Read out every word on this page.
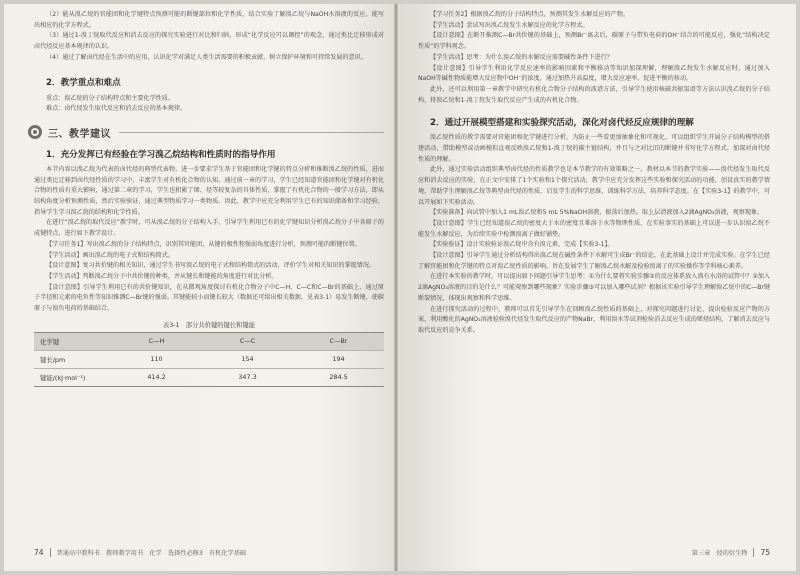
（2）能从溴乙烷的官能团和化学键特点预测可能的断键部位和化学性质，结合实验了解溴乙烷与NaOH水溶液的反应，能写出相应的化学方程式。

（3）通过1-溴丁烷取代反应和消去反应的探究实验进行对比和归纳，形成“化学反应可以调控”的观念，通过类比迁移形成对卤代烃反应基本规律的认识。

（4）通过了解卤代烃在生活中的应用，认识化学对满足人类生活需要的积极贡献，树立保护环境和可持续发展的意识。

2．教学重点和难点

重点：溴乙烷的分子结构特点和主要化学性质。

难点：卤代烃发生取代反应和消去反应的基本规律。

三、教学建议
1．充分发挥已有经验在学习溴乙烷结构和性质时的指导作用

本节内容以溴乙烷为代表的卤代烃的典型代表物，进一步要求学生基于官能团和化学键的特点分析和推断溴乙烷的性质，进而通过类比迁移到卤代烃性质的学习中，丰富学生对有机化合物的认知。通过前一章的学习，学生已经知道官能团和化学键对有机化合物的性质有重大影响，通过第二章的学习，学生也积累了烯、烃等较复杂的具体性质，掌握了有机化合物的一般学习方法，即从结构角度分析预测性质，然后实验验证，通过典型物质学习一类物质。因此，教学中应充分利用学生已有的知识储备和学习经验，指导学生学习溴乙烷的结构和化学性质。

在进行“溴乙烷的取代反应”教学时，可从溴乙烷的分子结构入手，引导学生利用已有的化学键知识分析溴乙烷分子中各原子的成键特点，进行如下教学设计。

【学习任务1】写出溴乙烷的分子结构特点，识别其官能团，从键的极性和强弱角度进行分析，预测可能的断键位置。

【学生活动】画出溴乙烷的电子式和结构简式。

【设计意图】复习共价键的相关知识，通过学生书写溴乙烷的电子式和结构简式的活动，评价学生对相关知识的掌握情况。

【学生活动】判断溴乙烷分子中共价键的种类，并从键长和键能的角度进行对比分析。

【设计意图】引导学生利用已有的共价键知识，在从微观角度探讨有机化合物分子中C—H、C—C和C—Br的基础上，通过原子半径和元素的电负性等知识推测C—Br键的强弱。其键能较小而键长较大（数据还可给出相关数据，见表3-1）易发生断键，使碳原子与溴负电荷的基础结合。

表3-1　部分共价键的键长和键能
化学键	C—H	C—C	C—Br
键长/pm	110	154	194
键能/(kJ·mol⁻¹)	414.2	347.3	284.5
74 普通高中教科书　教师教学用书　化学　选择性必修3　有机化学基础

【学习任务2】根据溴乙烷的分子结构特点，预测其发生水解反应的产物。

【学生活动】尝试写出溴乙烷发生水解反应的化学方程式。

【设计意图】在断开推测C—Br共价键的基础上，预测Br⁻离去后，碳原子与带负电荷的OH⁻结合的可能反应，强化“结构决定性质”的学科观念。

【学生活动】思考：为什么溴乙烷的水解反应需要碱性条件下进行？

【设计意图】引导学生利用化学反应速率的影响因素和平衡移动等知识加深理解，理解溴乙烷发生水解反应时，通过加入NaOH等碱性物质能增大反应物中OH⁻的浓度，通过加热升高温度，增大反应速率，促进平衡的移动。

此外，还可以利用第一章教学中研究有机化合物分子结构的波谱方法，引导学生使用核磁共振氢谱等方法认识溴乙烷的分子结构，将溴乙烷和1-溴丁烷发生取代反应产生成的有机化合物。

2．通过开展模型搭建和实验探究活动，深化对卤代烃反应规律的理解

溴乙烷性质的教学需要对官能团和化学键进行分析，为防止一些看更加抽象化和可视化，可以组织学生开展分子结构模型的搭建活动，借助模型或动画模拟直观反映溴乙烷和1-溴丁烷的碳主链结构，并且与之对比旧的断键并书写化学方程式，加深对卤代烃性质的理解。

此外，通过实验活动组织典型卤代烃的性质教学也是本节教学的有效策略之一。教材以本节的教学实验——溴代烃发生取代反应和消去反应的实验，在正文中安排了1个实验和1个探究活动，教学中应充分发挥这些实验和探究活动的功能，创设真实的教学情境，帮助学生理解溴乙烷等典型卤代烃的性质，启发学生的科学思维，训练科学方法，培养科学态度。在【实验3-1】的教学中，可以开展如下实验活动。

【实验准备】向试管中加入1 mL溴乙烷和5 mL 5%NaOH溶液，振荡后加热。取上层清液加入2滴AgNO₃溶液，观察现象。

【设计意图】学生已经知道溴乙烷的密度大于水的密度且难溶于水等物理性质，在实验事实的基础上可以进一步认识溴乙烷不能发生水解反应，为后续实验中检测溴离子做好铺垫。

【实验验证】设计实验验证溴乙烷中含有溴元素，完成【实验3-1】。

【设计意图】引导学生通过分析结构得出溴乙烷在碱性条件下水解可生成Br⁻的结论，在此基础上设计并完成实验。在学生已经了解官能团和化学键的特点对溴乙烷性质的影响，旨在发展学生了解溴乙烷水解及检验溴离子的实验操作等学科核心素养。

在进行本实验的教学时，可以提出如下问题引导学生思考：①为什么要将实验步骤②的反应体系放入盛有水浴的试管中？②加入2滴AgNO₃溶液的目的是什么？可能观察到哪些现象？实验步骤③可以加入哪些试剂？根据该实验引导学生理解溴乙烷中的C—Br键断裂情况，体现出观察和科学思维。

在进行探究活动的过程中，教师可以首先引导学生在回顾溴乙烷性质的基础上，对探究问题进行讨论，提出检验反应产物的方案，利用酸化的AgNO₃溶液检验溴代烃发生取代反应的产物NaBr，利用溴水等试剂检验消去反应生成的烯烃结构，了解消去反应与取代反应的竞争关系。

第三章　烃的衍生物 75
